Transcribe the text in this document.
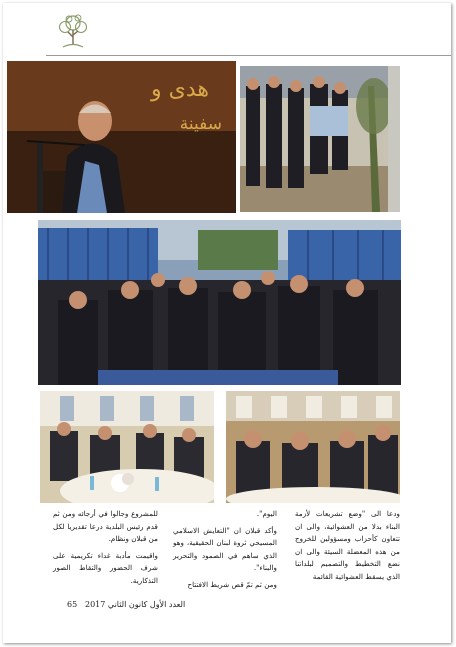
هدى و
سفينة

ودعا الى "وضع تشريعات لأزمة البناء بدلا من العشوائية، والى ان تتعاون كأحزاب ومسؤولين للخروج من هذه المعضلة السيئة والى ان نضع التخطيط والتصميم لبلداتنا الذي يسقط العشوائية القائمة

اليوم".

وأكد قبلان ان "التعايش الاسلامي المسيحي ثروة لبنان الحقيقية، وهو الذي ساهم في الصمود والتحرير والبناء".

ومن ثم تمّ قص شريط الافتتاح

للمشروع وجالوا في أرجائه ومن ثم قدم رئيس البلدية درعا تقديريا لكل من قبلان ونظام.

واقيمت مأدبة غداء تكريمية على شرف الحضور والتقاط الصور التذكارية.

65 العدد الأول كانون الثاني 2017
